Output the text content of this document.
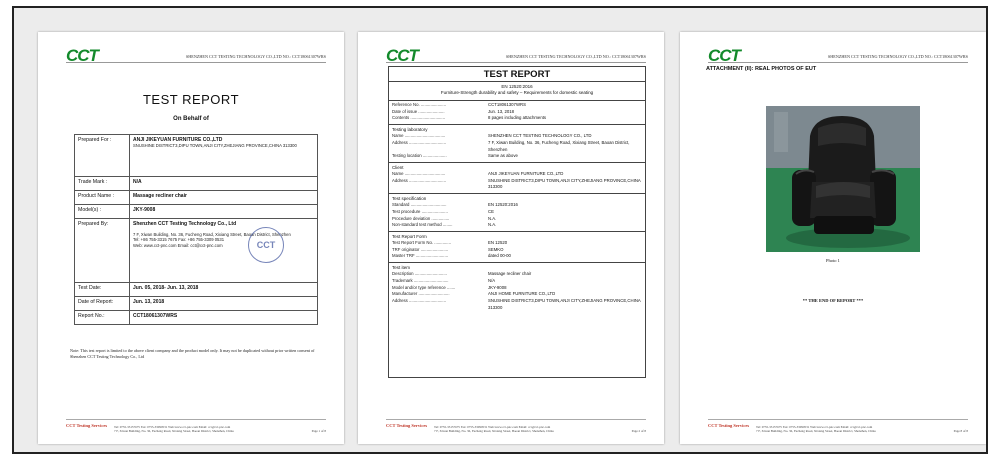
CCT	SHENZHEN CCT TESTING TECHNOLOGY CO.,LTD NO.: CCT18061307WRS
TEST REPORT
On Behalf of
Prepared For :	ANJI JIKEYUAN FURNITURE CO.,LTD
SNUSHINE DISTRICT3,DIPU TOWN,ANJI CITY,ZHEJIANG PROVINCE,CHINA 313300

Trade Mark :	N/A
Product Name :	Massage recliner chair
Model(s) :	JKY-9008
Prepared By:	Shenzhen CCT Testing Technology Co., Ltd
7 F, Xiwan Building, No. 36, Fucheng Road, Xixiang Street, Baoan District, Shenzhen
Tel: +86 755-3315 7675 Fax: +86 755-3309 0531
Web: www.cct-pnc.com Email: cct@cct-pnc.com CCT

Test Date:	Jun. 05, 2018- Jun. 13, 2018
Date of Report:	Jun. 13, 2018
Report No.:	CCT18061307WRS
Note: This test report is limited to the above client company and the product model only. It may not be duplicated without prior written consent of Shenzhen CCT Testing Technology Co., Ltd
CCT Testing Services Tel: 0755-33157675 Fax: 0755-33090531 Web:www.cct-pnc.com Email: cct@cct-pnc.com
7 F, Xiwan Building, No. 36, Fucheng Road, Xixiang Street, Baoan District, Shenzhen, China	Page 1 of 8
CCT	SHENZHEN CCT TESTING TECHNOLOGY CO.,LTD NO.: CCT18061307WRS
TEST REPORT
EN 12520:2016
Furniture-Strength durability and safety – Requirements for domestic seating
Reference No. .....................	CCT18061307WRS
Date of issue ......................	Jun. 13, 2018
Contents .............................	8 pages including attachments
Testing laboratory
Name ..................................	SHENZHEN CCT TESTING TECHNOLOGY CO., LTD
Address ...............................	7 F, Xiwan Building, No. 36, Fucheng Road, Xixiang Street, Baoan District, Shenzhen
Testing location ....................	Same as above
Client
Name ..................................	ANJI JIKEYUAN FURNITURE CO.,LTD
Address ...............................	SNUSHINE DISTRICT3,DIPU TOWN,ANJI CITY,ZHEJIANG PROVINCE,CHINA 313300
Test specification
Standard ..............................	EN 12520:2016
Test procedure ......................	CE
Procedure deviation ...............	N.A.
Non-standard test method ........	N.A.
Test Report Form
Test Report Form No. ..............	EN 12520
TRF originator .......................	SEMKO
Master TRF ...........................	dated 00-00
Test item
Description ...........................	Massage recliner chair
Trademark .............................	N/A
Model and/or type reference .......	JKY-9008
Manufacturer ..........................	ANJI HOME FURNITURE CO.,LTD
Address ...............................	SNUSHINE DISTRICT3,DIPU TOWN,ANJI CITY,ZHEJIANG PROVINCE,CHINA 313300
CCT Testing Services Tel: 0755-33157675 Fax: 0755-33090531 Web:www.cct-pnc.com Email: cct@cct-pnc.com
7 F, Xiwan Building, No. 36, Fucheng Road, Xixiang Street, Baoan District, Shenzhen, China	Page 2 of 8
CCT	SHENZHEN CCT TESTING TECHNOLOGY CO.,LTD NO.: CCT18061307WRS
ATTACHMENT (II): REAL PHOTOS OF EUT
Photo 1
** THE END OF REPORT ***
CCT Testing Services Tel: 0755-33157675 Fax: 0755-33090531 Web:www.cct-pnc.com Email: cct@cct-pnc.com
7 F, Xiwan Building, No. 36, Fucheng Road, Xixiang Street, Baoan District, Shenzhen, China	Page 8 of 8
